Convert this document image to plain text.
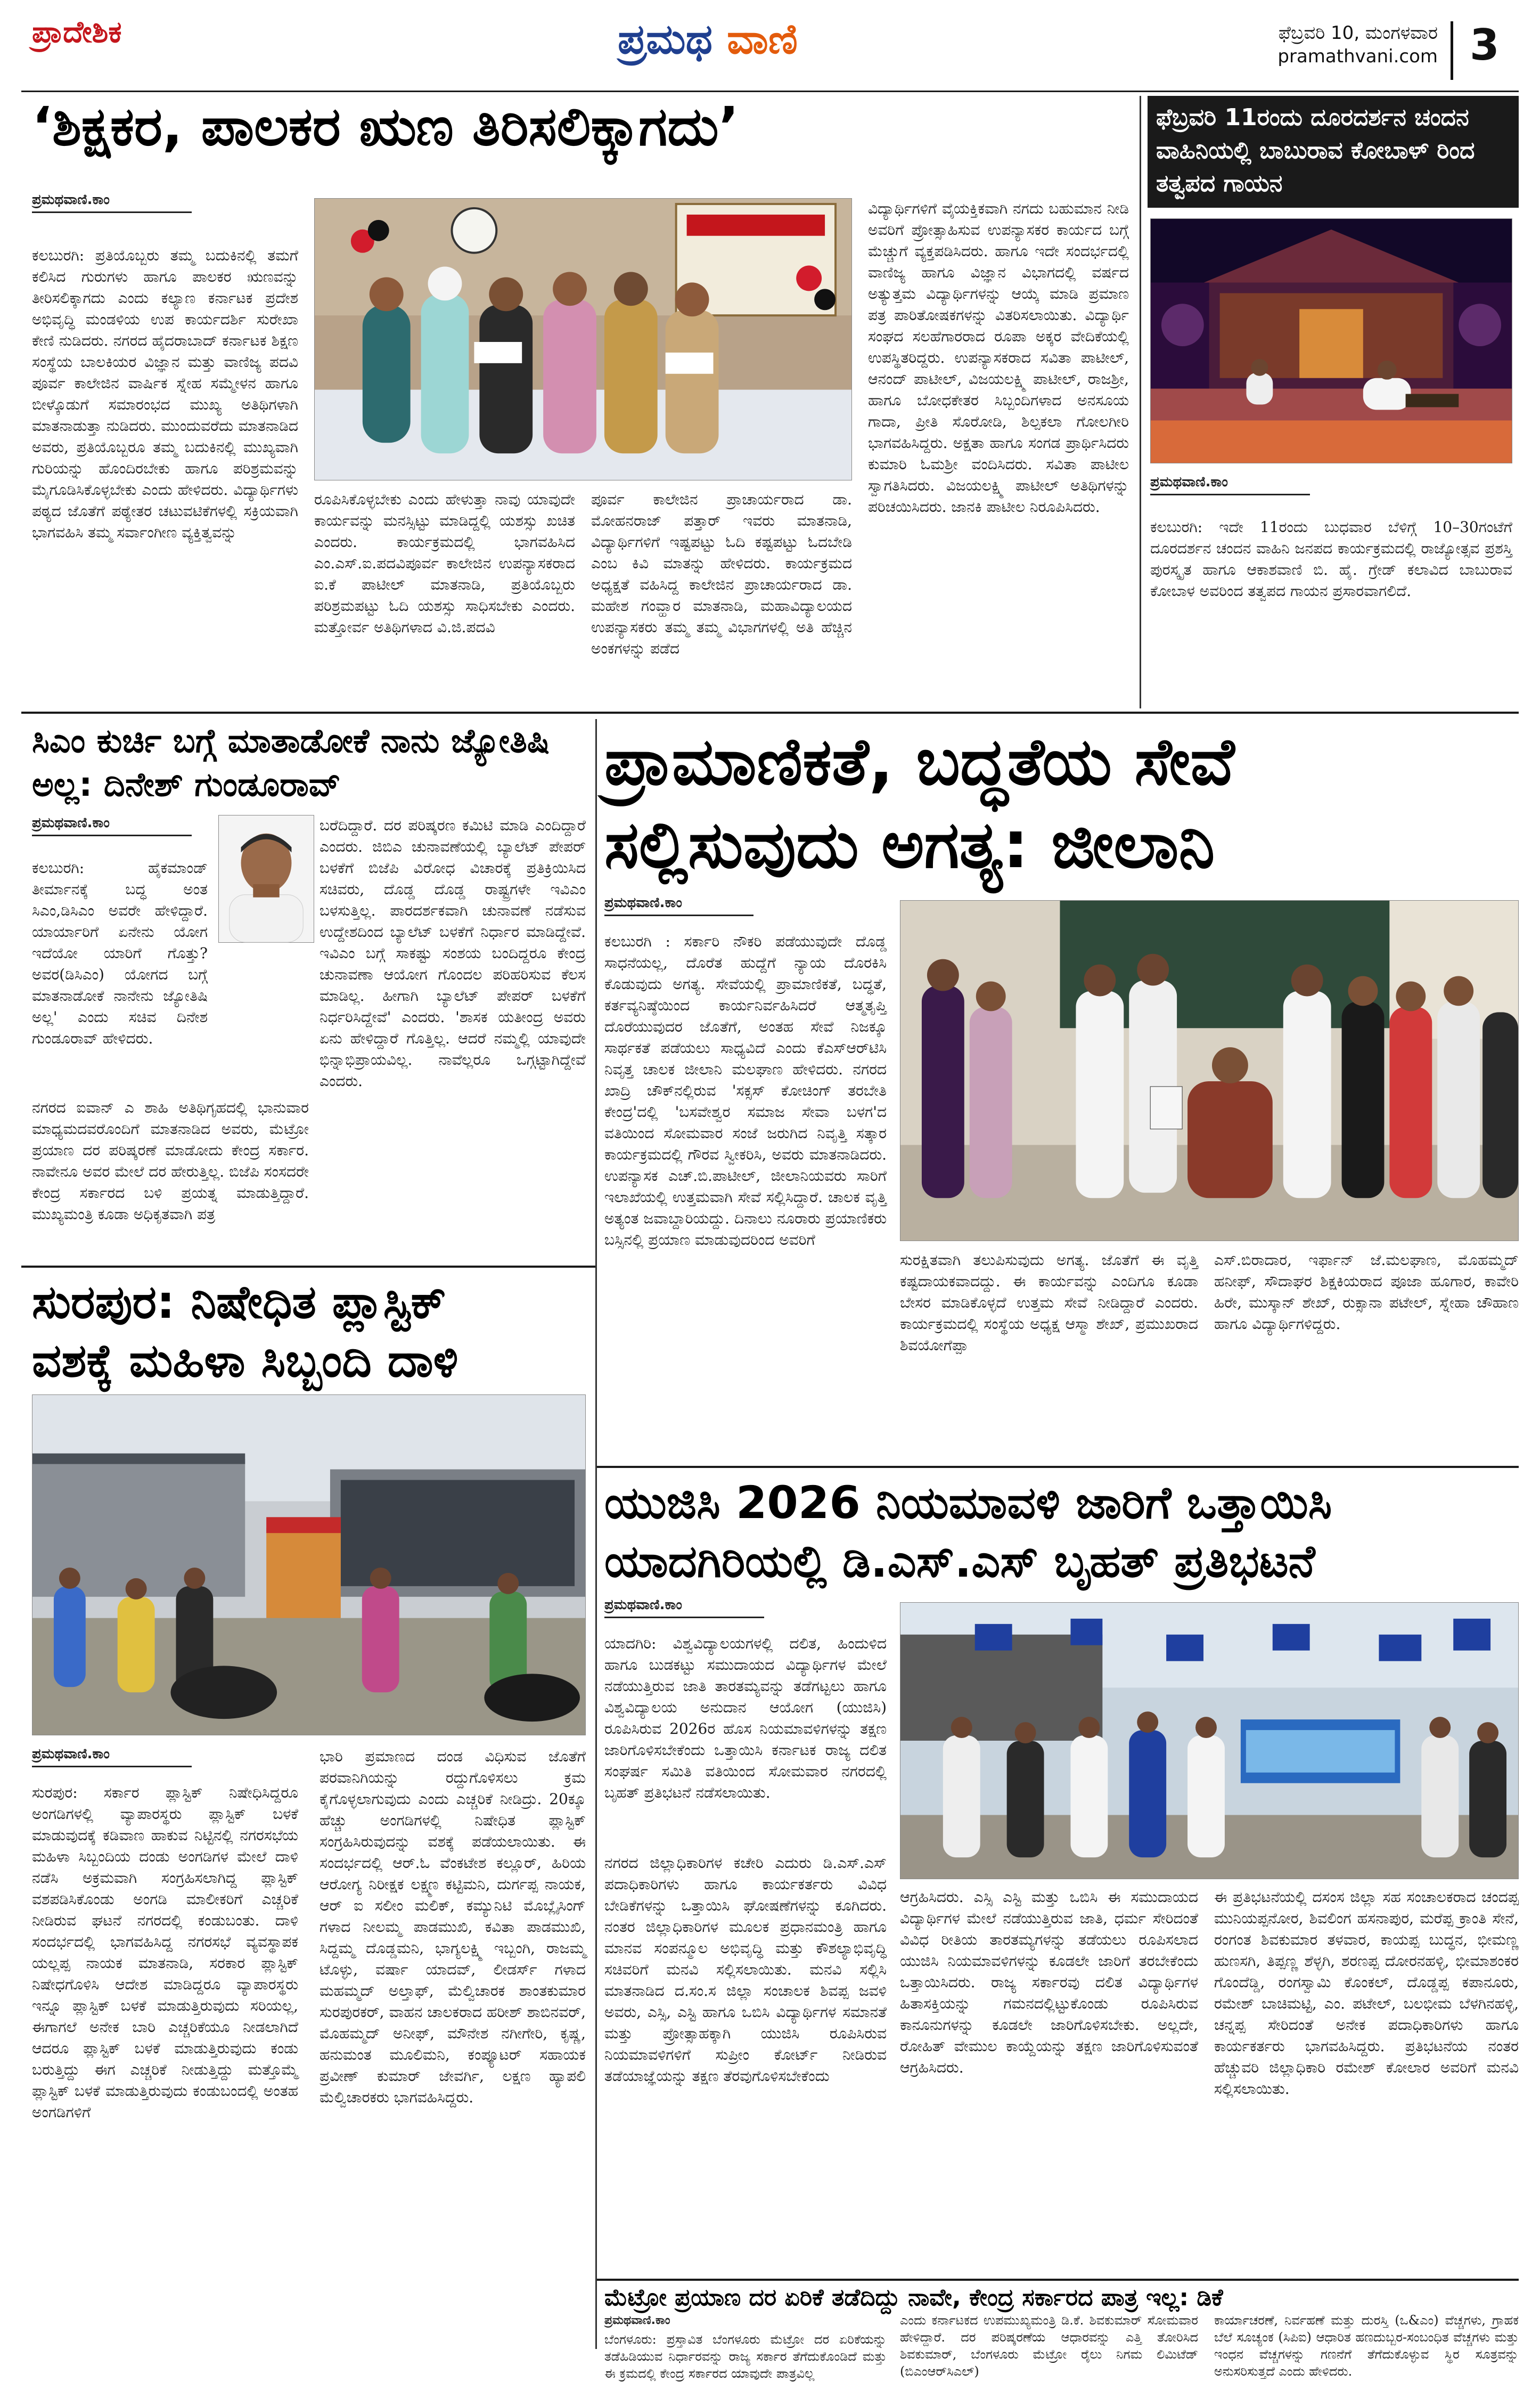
ಪ್ರಾದೇಶಿಕ	ಪ್ರಮಥ ವಾಣಿ	ಫೆಬ್ರವರಿ 10, ಮಂಗಳವಾರ
pramathvani.com 3
‘ಶಿಕ್ಷಕರ, ಪಾಲಕರ ಋಣ ತಿರಿಸಲಿಕ್ಕಾಗದು’
ಪ್ರಮಥವಾಣಿ.ಕಾಂ
ಕಲಬುರಗಿ: ಪ್ರತಿಯೊಬ್ಬರು ತಮ್ಮ ಬದುಕಿನಲ್ಲಿ ತಮಗೆ ಕಲಿಸಿದ ಗುರುಗಳು ಹಾಗೂ ಪಾಲಕರ ಋಣವನ್ನು ತೀರಿಸಲಿಕ್ಕಾಗದು ಎಂದು ಕಲ್ಯಾಣ ಕರ್ನಾಟಕ ಪ್ರದೇಶ ಅಭಿವೃದ್ಧಿ ಮಂಡಳಿಯ ಉಪ ಕಾರ್ಯದರ್ಶಿ ಸುರೇಖಾ ಕೇಣಿ ನುಡಿದರು. ನಗರದ ಹೈದರಾಬಾದ್ ಕರ್ನಾಟಕ ಶಿಕ್ಷಣ ಸಂಸ್ಥೆಯ ಬಾಲಕಿಯರ ವಿಜ್ಞಾನ ಮತ್ತು ವಾಣಿಜ್ಯ ಪದವಿ ಪೂರ್ವ ಕಾಲೇಜಿನ ವಾರ್ಷಿಕ ಸ್ನೇಹ ಸಮ್ಮೇಳನ ಹಾಗೂ ಬೀಳ್ಕೊಡುಗೆ ಸಮಾರಂಭದ ಮುಖ್ಯ ಅತಿಥಿಗಳಾಗಿ ಮಾತನಾಡುತ್ತಾ ನುಡಿದರು. ಮುಂದುವರೆದು ಮಾತನಾಡಿದ ಅವರು, ಪ್ರತಿಯೊಬ್ಬರೂ ತಮ್ಮ ಬದುಕಿನಲ್ಲಿ ಮುಖ್ಯವಾಗಿ ಗುರಿಯನ್ನು ಹೊಂದಿರಬೇಕು ಹಾಗೂ ಪರಿಶ್ರಮವನ್ನು ಮೈಗೂಡಿಸಿಕೊಳ್ಳಬೇಕು ಎಂದು ಹೇಳಿದರು. ವಿದ್ಯಾರ್ಥಿಗಳು ಪಠ್ಯದ ಜೊತೆಗೆ ಪಠ್ಯೇತರ ಚಟುವಟಿಕೆಗಳಲ್ಲಿ ಸಕ್ರಿಯವಾಗಿ ಭಾಗವಹಿಸಿ ತಮ್ಮ ಸರ್ವಾಂಗೀಣ ವ್ಯಕ್ತಿತ್ವವನ್ನು
ರೂಪಿಸಿಕೊಳ್ಳಬೇಕು ಎಂದು ಹೇಳುತ್ತಾ ನಾವು ಯಾವುದೇ ಕಾರ್ಯವನ್ನು ಮನಸ್ಸಿಟ್ಟು ಮಾಡಿದ್ದಲ್ಲಿ ಯಶಸ್ಸು ಖಚಿತ ಎಂದರು. ಕಾರ್ಯಕ್ರಮದಲ್ಲಿ ಭಾಗವಹಿಸಿದ ಎಂ.ಎಸ್.ಐ.ಪದವಿಪೂರ್ವ ಕಾಲೇಜಿನ ಉಪನ್ಯಾಸಕರಾದ ಐ.ಕೆ ಪಾಟೀಲ್ ಮಾತನಾಡಿ, ಪ್ರತಿಯೊಬ್ಬರು ಪರಿಶ್ರಮಪಟ್ಟು ಓದಿ ಯಶಸ್ಸು ಸಾಧಿಸಬೇಕು ಎಂದರು. ಮತ್ತೋರ್ವ ಅತಿಥಿಗಳಾದ ವಿ.ಜಿ.ಪದವಿ
ಪೂರ್ವ ಕಾಲೇಜಿನ ಪ್ರಾಚಾರ್ಯರಾದ ಡಾ. ಮೋಹನರಾಜ್ ಪತ್ತಾರ್ ಇವರು ಮಾತನಾಡಿ, ವಿದ್ಯಾರ್ಥಿಗಳಿಗೆ ಇಷ್ಟಪಟ್ಟು ಓದಿ ಕಷ್ಟಪಟ್ಟು ಓದಬೇಡಿ ಎಂಬ ಕಿವಿ ಮಾತನ್ನು ಹೇಳಿದರು. ಕಾರ್ಯಕ್ರಮದ ಅಧ್ಯಕ್ಷತೆ ವಹಿಸಿದ್ದ ಕಾಲೇಜಿನ ಪ್ರಾಚಾರ್ಯರಾದ ಡಾ. ಮಹೇಶ ಗಂವ್ಹಾರ ಮಾತನಾಡಿ, ಮಹಾವಿದ್ಯಾಲಯದ ಉಪನ್ಯಾಸಕರು ತಮ್ಮ ತಮ್ಮ ವಿಭಾಗಗಳಲ್ಲಿ ಅತಿ ಹೆಚ್ಚಿನ ಅಂಕಗಳನ್ನು ಪಡೆದ
ವಿದ್ಯಾರ್ಥಿಗಳಿಗೆ ವೈಯಕ್ತಿಕವಾಗಿ ನಗದು ಬಹುಮಾನ ನೀಡಿ ಅವರಿಗೆ ಪ್ರೋತ್ಸಾಹಿಸುವ ಉಪನ್ಯಾಸಕರ ಕಾರ್ಯದ ಬಗ್ಗೆ ಮೆಚ್ಚುಗೆ ವ್ಯಕ್ತಪಡಿಸಿದರು. ಹಾಗೂ ಇದೇ ಸಂದರ್ಭದಲ್ಲಿ ವಾಣಿಜ್ಯ ಹಾಗೂ ವಿಜ್ಞಾನ ವಿಭಾಗದಲ್ಲಿ ವರ್ಷದ ಅತ್ಯುತ್ತಮ ವಿದ್ಯಾರ್ಥಿಗಳನ್ನು ಆಯ್ಕೆ ಮಾಡಿ ಪ್ರಮಾಣ ಪತ್ರ ಪಾರಿತೋಷಕಗಳನ್ನು ವಿತರಿಸಲಾಯಿತು. ವಿದ್ಯಾರ್ಥಿ ಸಂಘದ ಸಲಹೆಗಾರರಾದ ರೂಪಾ ಅಕ್ಕರ ವೇದಿಕೆಯಲ್ಲಿ ಉಪಸ್ಥಿತರಿದ್ದರು. ಉಪನ್ಯಾಸಕರಾದ ಸವಿತಾ ಪಾಟೀಲ್, ಆನಂದ್ ಪಾಟೀಲ್, ವಿಜಯಲಕ್ಷ್ಮಿ ಪಾಟೀಲ್, ರಾಜಶ್ರೀ, ಹಾಗೂ ಬೋಧಕೇತರ ಸಿಬ್ಬಂದಿಗಳಾದ ಅನಸೂಯ ಗಾದಾ, ಪ್ರೀತಿ ಸೊರೋಡಿ, ಶಿಲ್ಪಕಲಾ ಗೋಲಗೀರಿ ಭಾಗವಹಿಸಿದ್ದರು. ಅಕ್ಷತಾ ಹಾಗೂ ಸಂಗಡ ಪ್ರಾರ್ಥಿಸಿದರು ಕುಮಾರಿ ಓಮಶ್ರೀ ವಂದಿಸಿದರು. ಸವಿತಾ ಪಾಟೀಲ ಸ್ವಾಗತಿಸಿದರು. ವಿಜಯಲಕ್ಷ್ಮಿ ಪಾಟೀಲ್ ಅತಿಥಿಗಳನ್ನು ಪರಿಚಯಿಸಿದರು. ಜಾನಕಿ ಪಾಟೀಲ ನಿರೂಪಿಸಿದರು.
ಫೆಬ್ರವರಿ 11ರಂದು ದೂರದರ್ಶನ ಚಂದನ ವಾಹಿನಿಯಲ್ಲಿ ಬಾಬುರಾವ ಕೋಬಾಳ್ ರಿಂದ ತತ್ವಪದ ಗಾಯನ
ಪ್ರಮಥವಾಣಿ.ಕಾಂ
ಕಲಬುರಗಿ: ಇದೇ 11ರಂದು ಬುಧವಾರ ಬೆಳಿಗ್ಗೆ 10–30ಗಂಟೆಗೆ ದೂರದರ್ಶನ ಚಂದನ ವಾಹಿನಿ ಜನಪದ ಕಾರ್ಯಕ್ರಮದಲ್ಲಿ ರಾಜ್ಯೋತ್ಸವ ಪ್ರಶಸ್ತಿ ಪುರಸ್ಕೃತ ಹಾಗೂ ಆಕಾಶವಾಣಿ ಬಿ. ಹೈ. ಗ್ರೇಡ್ ಕಲಾವಿದ ಬಾಬುರಾವ ಕೋಬಾಳ ಅವರಿಂದ ತತ್ವಪದ ಗಾಯನ ಪ್ರಸಾರವಾಗಲಿದೆ.
ಸಿಎಂ ಕುರ್ಚಿ ಬಗ್ಗೆ ಮಾತಾಡೋಕೆ ನಾನು ಜ್ಯೋತಿಷಿ ಅಲ್ಲ: ದಿನೇಶ್ ಗುಂಡೂರಾವ್
ಪ್ರಮಥವಾಣಿ.ಕಾಂ
ಕಲಬುರಗಿ: ಹೈಕಮಾಂಡ್ ತೀರ್ಮಾನಕ್ಕೆ ಬದ್ಧ ಅಂತ ಸಿಎಂ,ಡಿಸಿಎಂ ಅವರೇ ಹೇಳಿದ್ದಾರೆ. ಯಾರ್ಯಾರಿಗೆ ಏನೇನು ಯೋಗ ಇದೆಯೋ ಯಾರಿಗೆ ಗೊತ್ತು? ಅವರ(ಡಿಸಿಎಂ) ಯೋಗದ ಬಗ್ಗೆ ಮಾತನಾಡೋಕೆ ನಾನೇನು ಜ್ಯೋತಿಷಿ ಅಲ್ಲ' ಎಂದು ಸಚಿವ ದಿನೇಶ ಗುಂಡೂರಾವ್ ಹೇಳಿದರು.
ನಗರದ ಐವಾನ್ ಎ ಶಾಹಿ ಅತಿಥಿಗೃಹದಲ್ಲಿ ಭಾನುವಾರ ಮಾಧ್ಯಮದವರೊಂದಿಗೆ ಮಾತನಾಡಿದ ಅವರು, ಮೆಟ್ರೋ ಪ್ರಯಾಣ ದರ ಪರಿಷ್ಕರಣೆ ಮಾಡೋದು ಕೇಂದ್ರ ಸರ್ಕಾರ. ನಾವೇನೂ ಅವರ ಮೇಲೆ ದರ ಹೇರುತ್ತಿಲ್ಲ. ಬಿಜೆಪಿ ಸಂಸದರೇ ಕೇಂದ್ರ ಸರ್ಕಾರದ ಬಳಿ ಪ್ರಯತ್ನ ಮಾಡುತ್ತಿದ್ದಾರೆ. ಮುಖ್ಯಮಂತ್ರಿ ಕೂಡಾ ಅಧಿಕೃತವಾಗಿ ಪತ್ರ
ಬರೆದಿದ್ದಾರೆ. ದರ ಪರಿಷ್ಕರಣ ಕಮಿಟಿ ಮಾಡಿ ಎಂದಿದ್ದಾರೆ ಎಂದರು. ಜಿಬಿಎ ಚುನಾವಣೆಯಲ್ಲಿ ಬ್ಯಾಲೆಟ್ ಪೇಪರ್ ಬಳಕೆಗೆ ಬಿಜೆಪಿ ವಿರೋಧ ವಿಚಾರಕ್ಕೆ ಪ್ರತಿಕ್ರಿಯಿಸಿದ ಸಚಿವರು, ದೊಡ್ಡ ದೊಡ್ಡ ರಾಷ್ಟ್ರಗಳೇ ಇವಿಎಂ ಬಳಸುತ್ತಿಲ್ಲ. ಪಾರದರ್ಶಕವಾಗಿ ಚುನಾವಣೆ ನಡೆಸುವ ಉದ್ದೇಶದಿಂದ ಬ್ಯಾಲೆಟ್ ಬಳಕೆಗೆ ನಿರ್ಧಾರ ಮಾಡಿದ್ದೇವೆ. ಇವಿಎಂ ಬಗ್ಗೆ ಸಾಕಷ್ಟು ಸಂಶಯ ಬಂದಿದ್ದರೂ ಕೇಂದ್ರ ಚುನಾವಣಾ ಆಯೋಗ ಗೊಂದಲ ಪರಿಹರಿಸುವ ಕೆಲಸ ಮಾಡಿಲ್ಲ. ಹೀಗಾಗಿ ಬ್ಯಾಲೆಟ್ ಪೇಪರ್ ಬಳಕೆಗೆ ನಿರ್ಧರಿಸಿದ್ದೇವೆ' ಎಂದರು. 'ಶಾಸಕ ಯತೀಂದ್ರ ಅವರು ಏನು ಹೇಳಿದ್ದಾರೆ ಗೊತ್ತಿಲ್ಲ. ಆದರೆ ನಮ್ಮಲ್ಲಿ ಯಾವುದೇ ಭಿನ್ನಾಭಿಪ್ರಾಯವಿಲ್ಲ. ನಾವೆಲ್ಲರೂ ಒಗ್ಗಟ್ಟಾಗಿದ್ದೇವೆ ಎಂದರು.
ಪ್ರಾಮಾಣಿಕತೆ, ಬದ್ಧತೆಯ ಸೇವೆ
ಸಲ್ಲಿಸುವುದು ಅಗತ್ಯ: ಜೀಲಾನಿ
ಪ್ರಮಥವಾಣಿ.ಕಾಂ
ಕಲಬುರಗಿ : ಸರ್ಕಾರಿ ನೌಕರಿ ಪಡೆಯುವುದೇ ದೊಡ್ಡ ಸಾಧನೆಯಲ್ಲ, ದೊರೆತ ಹುದ್ದೆಗೆ ನ್ಯಾಯ ದೊರಕಿಸಿ ಕೊಡುವುದು ಅಗತ್ಯ. ಸೇವೆಯಲ್ಲಿ ಪ್ರಾಮಾಣಿಕತೆ, ಬದ್ಧತೆ, ಕರ್ತವ್ಯನಿಷ್ಠೆಯಿಂದ ಕಾರ್ಯನಿರ್ವಹಿಸಿದರೆ ಆತ್ಮತೃಪ್ತಿ ದೊರೆಯುವುದರ ಜೊತೆಗೆ, ಅಂತಹ ಸೇವೆ ನಿಜಕ್ಕೂ ಸಾರ್ಥಕತೆ ಪಡೆಯಲು ಸಾಧ್ಯವಿದೆ ಎಂದು ಕೆಎಸ್‌ಆರ್‌ಟಿಸಿ ನಿವೃತ್ತ ಚಾಲಕ ಜೀಲಾನಿ ಮಲಘಾಣ ಹೇಳಿದರು. ನಗರದ ಖಾದ್ರಿ ಚೌಕ್‌ನಲ್ಲಿರುವ 'ಸಕ್ಸಸ್ ಕೋಚಿಂಗ್ ತರಬೇತಿ ಕೇಂದ್ರ'ದಲ್ಲಿ 'ಬಸವೇಶ್ವರ ಸಮಾಜ ಸೇವಾ ಬಳಗ'ದ ವತಿಯಿಂದ ಸೋಮವಾರ ಸಂಜೆ ಜರುಗಿದ ನಿವೃತ್ತಿ ಸತ್ಕಾರ ಕಾರ್ಯಕ್ರಮದಲ್ಲಿ ಗೌರವ ಸ್ವೀಕರಿಸಿ, ಅವರು ಮಾತನಾಡಿದರು. ಉಪನ್ಯಾಸಕ ಎಚ್.ಬಿ.ಪಾಟೀಲ್, ಜೀಲಾನಿಯವರು ಸಾರಿಗೆ ಇಲಾಖೆಯಲ್ಲಿ ಉತ್ತಮವಾಗಿ ಸೇವೆ ಸಲ್ಲಿಸಿದ್ದಾರೆ. ಚಾಲಕ ವೃತ್ತಿ ಅತ್ಯಂತ ಜವಾಬ್ದಾರಿಯದ್ದು. ದಿನಾಲು ನೂರಾರು ಪ್ರಯಾಣಿಕರು ಬಸ್ಸಿನಲ್ಲಿ ಪ್ರಯಾಣ ಮಾಡುವುದರಿಂದ ಅವರಿಗೆ
ಸುರಕ್ಷಿತವಾಗಿ ತಲುಪಿಸುವುದು ಅಗತ್ಯ. ಜೊತೆಗೆ ಈ ವೃತ್ತಿ ಕಷ್ಟದಾಯಕವಾದದ್ದು. ಈ ಕಾರ್ಯವನ್ನು ಎಂದಿಗೂ ಕೂಡಾ ಬೇಸರ ಮಾಡಿಕೊಳ್ಳದೆ ಉತ್ತಮ ಸೇವೆ ನೀಡಿದ್ದಾರೆ ಎಂದರು. ಕಾರ್ಯಕ್ರಮದಲ್ಲಿ ಸಂಸ್ಥೆಯ ಅಧ್ಯಕ್ಷ ಆಸ್ಮಾ ಶೇಖ್, ಪ್ರಮುಖರಾದ ಶಿವಯೋಗೆಪ್ಪಾ
ಎಸ್.ಬಿರಾದಾರ, ಇರ್ಫಾನ್ ಜೆ.ಮಲಘಾಣ, ಮೊಹಮ್ಮದ್ ಹನೀಫ್, ಸೌದಾಘರ ಶಿಕ್ಷಕಿಯರಾದ ಪೂಜಾ ಹೂಗಾರ, ಕಾವೇರಿ ಹಿರೇ, ಮುಸ್ಕಾನ್ ಶೇಖ್, ರುಕ್ಸಾನಾ ಪಟೇಲ್, ಸ್ನೇಹಾ ಚೌಹಾಣ ಹಾಗೂ ವಿದ್ಯಾರ್ಥಿಗಳಿದ್ದರು.
ಸುರಪುರ: ನಿಷೇಧಿತ ಪ್ಲಾಸ್ಟಿಕ್
ವಶಕ್ಕೆ ಮಹಿಳಾ ಸಿಬ್ಬಂದಿ ದಾಳಿ
ಪ್ರಮಥವಾಣಿ.ಕಾಂ
ಸುರಪುರ: ಸರ್ಕಾರ ಪ್ಲಾಸ್ಟಿಕ್ ನಿಷೇಧಿಸಿದ್ದರೂ ಅಂಗಡಿಗಳಲ್ಲಿ ವ್ಯಾಪಾರಸ್ಥರು ಪ್ಲಾಸ್ಟಿಕ್ ಬಳಕೆ ಮಾಡುವುದಕ್ಕೆ ಕಡಿವಾಣ ಹಾಕುವ ನಿಟ್ಟಿನಲ್ಲಿ ನಗರಸಭೆಯ ಮಹಿಳಾ ಸಿಬ್ಬಂದಿಯ ದಂಡು ಅಂಗಡಿಗಳ ಮೇಲೆ ದಾಳಿ ನಡೆಸಿ ಅಕ್ರಮವಾಗಿ ಸಂಗ್ರಹಿಸಲಾಗಿದ್ದ ಪ್ಲಾಸ್ಟಿಕ್ ವಶಪಡಿಸಿಕೊಂಡು ಅಂಗಡಿ ಮಾಲೀಕರಿಗೆ ಎಚ್ಚರಿಕೆ ನೀಡಿರುವ ಘಟನೆ ನಗರದಲ್ಲಿ ಕಂಡುಬಂತು. ದಾಳಿ ಸಂದರ್ಭದಲ್ಲಿ ಭಾಗವಹಿಸಿದ್ದ ನಗರಸಭೆ ವ್ಯವಸ್ಥಾಪಕ ಯಲ್ಲಪ್ಪ ನಾಯಕ ಮಾತನಾಡಿ, ಸರಕಾರ ಪ್ಲಾಸ್ಟಿಕ್ ನಿಷೇಧಗೊಳಿಸಿ ಆದೇಶ ಮಾಡಿದ್ದರೂ ವ್ಯಾಪಾರಸ್ಥರು ಇನ್ನೂ ಪ್ಲಾಸ್ಟಿಕ್ ಬಳಕೆ ಮಾಡುತ್ತಿರುವುದು ಸರಿಯಲ್ಲ, ಈಗಾಗಲೆ ಅನೇಕ ಬಾರಿ ಎಚ್ಚರಿಕೆಯೂ ನೀಡಲಾಗಿದೆ ಆದರೂ ಪ್ಲಾಸ್ಟಿಕ್ ಬಳಕೆ ಮಾಡುತ್ತಿರುವುದು ಕಂಡು ಬರುತ್ತಿದ್ದು ಈಗ ಎಚ್ಚರಿಕೆ ನೀಡುತ್ತಿದ್ದು ಮತ್ತೊಮ್ಮೆ ಪ್ಲಾಸ್ಟಿಕ್ ಬಳಕೆ ಮಾಡುತ್ತಿರುವುದು ಕಂಡುಬಂದಲ್ಲಿ ಅಂತಹ ಅಂಗಡಿಗಳಿಗೆ
ಭಾರಿ ಪ್ರಮಾಣದ ದಂಡ ವಿಧಿಸುವ ಜೊತೆಗೆ ಪರವಾನಿಗಿಯನ್ನು ರದ್ದುಗೊಳಿಸಲು ಕ್ರಮ ಕೈಗೊಳ್ಳಲಾಗುವುದು ಎಂದು ಎಚ್ಚರಿಕೆ ನೀಡಿದ್ರು. 20ಕ್ಕೂ ಹೆಚ್ಚು ಅಂಗಡಿಗಳಲ್ಲಿ ನಿಷೇಧಿತ ಪ್ಲಾಸ್ಟಿಕ್ ಸಂಗ್ರಹಿಸಿರುವುದನ್ನು ವಶಕ್ಕೆ ಪಡೆಯಲಾಯಿತು. ಈ ಸಂದರ್ಭದಲ್ಲಿ ಆರ್.ಓ ವೆಂಕಟೇಶ ಕಲ್ಲೂರ್, ಹಿರಿಯ ಆರೋಗ್ಯ ನಿರೀಕ್ಷಕ ಲಕ್ಷ್ಮಣ ಕಟ್ಟಿಮನಿ, ದುರ್ಗಪ್ಪ ನಾಯಕ, ಆರ್ ಐ ಸಲೀಂ ಮಲಿಕ್, ಕಮ್ಯುನಿಟಿ ಮೊಬ್ಲೈಸಿಂಗ್ ಗಳಾದ ನೀಲಮ್ಮ ಪಾಡಮುಖಿ, ಕವಿತಾ ಪಾಡಮುಖಿ, ಸಿದ್ದಮ್ಮ ದೊಡ್ಡಮನಿ, ಭಾಗ್ಯಲಕ್ಷ್ಮಿ ಇಬ್ಬಂಗಿ, ರಾಜಮ್ಮ ಟೊಳ್ಳು, ವರ್ಷಾ ಯಾದವ್, ಲೀಡರ್ಸ್ ಗಳಾದ ಮಹಮ್ಮದ್ ಅಲ್ತಾಫ್, ಮೆಲ್ವಿಚಾರಕ ಶಾಂತಕುಮಾರ ಸುರಪುರಕರ್, ವಾಹನ ಚಾಲಕರಾದ ಹರೀಶ್ ಶಾಬಿನವರ್, ಮೊಹಮ್ಮದ್ ಅನೀಫ್, ಮೌನೇಶ ನಗೀಗೇರಿ, ಕೃಷ್ಣ, ಹನುಮಂತ ಮೂಲಿಮನಿ, ಕಂಪ್ಯೂಟರ್ ಸಹಾಯಕ ಪ್ರವೀಣ್ ಕುಮಾರ್ ಜೇವರ್ಗಿ, ಲಕ್ಷಣ ಹ್ಯಾಪಲಿ ಮೆಲ್ವಿಚಾರಕರು ಭಾಗವಹಿಸಿದ್ದರು.
ಯುಜಿಸಿ 2026 ನಿಯಮಾವಳಿ ಜಾರಿಗೆ ಒತ್ತಾಯಿಸಿ
ಯಾದಗಿರಿಯಲ್ಲಿ ಡಿ.ಎಸ್.ಎಸ್ ಬೃಹತ್ ಪ್ರತಿಭಟನೆ
ಪ್ರಮಥವಾಣಿ.ಕಾಂ
ಯಾದಗಿರಿ: ವಿಶ್ವವಿದ್ಯಾಲಯಗಳಲ್ಲಿ ದಲಿತ, ಹಿಂದುಳಿದ ಹಾಗೂ ಬುಡಕಟ್ಟು ಸಮುದಾಯದ ವಿದ್ಯಾರ್ಥಿಗಳ ಮೇಲೆ ನಡೆಯುತ್ತಿರುವ ಜಾತಿ ತಾರತಮ್ಯವನ್ನು ತಡೆಗಟ್ಟಲು ಹಾಗೂ ವಿಶ್ವವಿದ್ಯಾಲಯ ಅನುದಾನ ಆಯೋಗ (ಯುಜಿಸಿ) ರೂಪಿಸಿರುವ 2026ರ ಹೊಸ ನಿಯಮಾವಳಿಗಳನ್ನು ತಕ್ಷಣ ಜಾರಿಗೊಳಿಸಬೇಕೆಂದು ಒತ್ತಾಯಿಸಿ ಕರ್ನಾಟಕ ರಾಜ್ಯ ದಲಿತ ಸಂಘರ್ಷ ಸಮಿತಿ ವತಿಯಿಂದ ಸೋಮವಾರ ನಗರದಲ್ಲಿ ಬೃಹತ್ ಪ್ರತಿಭಟನೆ ನಡೆಸಲಾಯಿತು.
ನಗರದ ಜಿಲ್ಲಾಧಿಕಾರಿಗಳ ಕಚೇರಿ ಎದುರು ಡಿ.ಎಸ್.ಎಸ್ ಪದಾಧಿಕಾರಿಗಳು ಹಾಗೂ ಕಾರ್ಯಕರ್ತರು ವಿವಿಧ ಬೇಡಿಕೆಗಳನ್ನು ಒತ್ತಾಯಿಸಿ ಘೋಷಣೆಗಳನ್ನು ಕೂಗಿದರು. ನಂತರ ಜಿಲ್ಲಾಧಿಕಾರಿಗಳ ಮೂಲಕ ಪ್ರಧಾನಮಂತ್ರಿ ಹಾಗೂ ಮಾನವ ಸಂಪನ್ಮೂಲ ಅಭಿವೃದ್ಧಿ ಮತ್ತು ಕೌಶಲ್ಯಾಭಿವೃದ್ಧಿ ಸಚಿವರಿಗೆ ಮನವಿ ಸಲ್ಲಿಸಲಾಯಿತು. ಮನವಿ ಸಲ್ಲಿಸಿ ಮಾತನಾಡಿದ ದ.ಸಂ.ಸ ಜಿಲ್ಲಾ ಸಂಚಾಲಕ ಶಿವಪ್ಪ ಜವಳಿ ಅವರು, ಎಸ್ಸಿ, ಎಸ್ಟಿ ಹಾಗೂ ಒಬಿಸಿ ವಿದ್ಯಾರ್ಥಿಗಳ ಸಮಾನತೆ ಮತ್ತು ಪ್ರೋತ್ಸಾಹಕ್ಕಾಗಿ ಯುಜಿಸಿ ರೂಪಿಸಿರುವ ನಿಯಮಾವಳಿಗಳಿಗೆ ಸುಪ್ರೀಂ ಕೋರ್ಟ್ ನೀಡಿರುವ ತಡೆಯಾಜ್ಞೆಯನ್ನು ತಕ್ಷಣ ತೆರವುಗೊಳಿಸಬೇಕೆಂದು
ಆಗ್ರಹಿಸಿದರು. ಎಸ್ಸಿ ಎಸ್ಟಿ ಮತ್ತು ಒಬಿಸಿ ಈ ಸಮುದಾಯದ ವಿದ್ಯಾರ್ಥಿಗಳ ಮೇಲೆ ನಡೆಯುತ್ತಿರುವ ಜಾತಿ, ಧರ್ಮ ಸೇರಿದಂತೆ ವಿವಿಧ ರೀತಿಯ ತಾರತಮ್ಯಗಳನ್ನು ತಡೆಯಲು ರೂಪಿಸಲಾದ ಯುಜಿಸಿ ನಿಯಮಾವಳಿಗಳನ್ನು ಕೂಡಲೇ ಜಾರಿಗೆ ತರಬೇಕೆಂದು ಒತ್ತಾಯಿಸಿದರು. ರಾಜ್ಯ ಸರ್ಕಾರವು ದಲಿತ ವಿದ್ಯಾರ್ಥಿಗಳ ಹಿತಾಸಕ್ತಿಯನ್ನು ಗಮನದಲ್ಲಿಟ್ಟುಕೊಂಡು ರೂಪಿಸಿರುವ ಕಾನೂನುಗಳನ್ನು ಕೂಡಲೇ ಜಾರಿಗೊಳಿಸಬೇಕು. ಅಲ್ಲದೇ, ರೋಹಿತ್ ವೇಮುಲ ಕಾಯ್ದೆಯನ್ನು ತಕ್ಷಣ ಜಾರಿಗೊಳಿಸುವಂತೆ ಆಗ್ರಹಿಸಿದರು.
ಈ ಪ್ರತಿಭಟನೆಯಲ್ಲಿ ದಸಂಸ ಜಿಲ್ಲಾ ಸಹ ಸಂಚಾಲಕರಾದ ಚಂದಪ್ಪ ಮುನಿಯಪ್ಪನೋರ, ಶಿವಲಿಂಗ ಹಸನಾಪುರ, ಮರೆಪ್ಪ ಕ್ರಾಂತಿ ಸೇನೆ, ರಂಗಂತ ಶಿವಕುಮಾರ ತಳವಾರ, ಕಾಯಪ್ಪ ಬುದ್ಧನ, ಭೀಮಣ್ಣ ಹುಣಸಗಿ, ತಿಪ್ಪಣ್ಣ ಶೆಳ್ಳಗಿ, ಶರಣಪ್ಪ ದೋರನಹಳ್ಳಿ, ಭೀಮಾಶಂಕರ ಗೊಂದೆಡ್ಡಿ, ರಂಗಸ್ವಾಮಿ ಕೊಂಕಲ್, ದೊಡ್ಡಪ್ಪ ಕಪಾನೂರು, ರಮೇಶ್ ಬಾಚಿಮಟ್ಟಿ, ಎಂ. ಪಟೇಲ್, ಬಲಭೀಮ ಬೆಳಗಿನಹಳ್ಳಿ, ಚನ್ನಪ್ಪ ಸೇರಿದಂತೆ ಅನೇಕ ಪದಾಧಿಕಾರಿಗಳು ಹಾಗೂ ಕಾರ್ಯಕರ್ತರು ಭಾಗವಹಿಸಿದ್ದರು. ಪ್ರತಿಭಟನೆಯ ನಂತರ ಹೆಚ್ಚುವರಿ ಜಿಲ್ಲಾಧಿಕಾರಿ ರಮೇಶ್ ಕೋಲಾರ ಅವರಿಗೆ ಮನವಿ ಸಲ್ಲಿಸಲಾಯಿತು.
ಮೆಟ್ರೋ ಪ್ರಯಾಣ ದರ ಏರಿಕೆ ತಡೆದಿದ್ದು ನಾವೇ, ಕೇಂದ್ರ ಸರ್ಕಾರದ ಪಾತ್ರ ಇಲ್ಲ: ಡಿಕೆ
ಪ್ರಮಥವಾಣಿ.ಕಾಂ
ಬೆಂಗಳೂರು: ಪ್ರಸ್ತಾವಿತ ಬೆಂಗಳೂರು ಮೆಟ್ರೋ ದರ ಏರಿಕೆಯನ್ನು ತಡೆಹಿಡಿಯುವ ನಿರ್ಧಾರವನ್ನು ರಾಜ್ಯ ಸರ್ಕಾರ ತೆಗೆದುಕೊಂಡಿದೆ ಮತ್ತು ಈ ಕ್ರಮದಲ್ಲಿ ಕೇಂದ್ರ ಸರ್ಕಾರದ ಯಾವುದೇ ಪಾತ್ರವಿಲ್ಲ
ಎಂದು ಕರ್ನಾಟಕದ ಉಪಮುಖ್ಯಮಂತ್ರಿ ಡಿ.ಕೆ. ಶಿವಕುಮಾರ್ ಸೋಮವಾರ ಹೇಳಿದ್ದಾರೆ. ದರ ಪರಿಷ್ಕರಣೆಯ ಆಧಾರವನ್ನು ಎತ್ತಿ ತೋರಿಸಿದ ಶಿವಕುಮಾರ್, ಬೆಂಗಳೂರು ಮೆಟ್ರೋ ರೈಲು ನಿಗಮ ಲಿಮಿಟೆಡ್ (ಬಿಎಂಆರ್‌ಸಿಎಲ್)
ಕಾರ್ಯಾಚರಣೆ, ನಿರ್ವಹಣೆ ಮತ್ತು ದುರಸ್ತಿ (ಒ&ಎಂ) ವೆಚ್ಚಗಳು, ಗ್ರಾಹಕ ಬೆಲೆ ಸೂಚ್ಯಂಕ (ಸಿಪಿಐ) ಆಧಾರಿತ ಹಣದುಬ್ಬರ-ಸಂಬಂಧಿತ ವೆಚ್ಚಗಳು ಮತ್ತು ಇಂಧನ ವೆಚ್ಚಗಳನ್ನು ಗಣನೆಗೆ ತೆಗೆದುಕೊಳ್ಳುವ ಸ್ಥಿರ ಸೂತ್ರವನ್ನು ಅನುಸರಿಸುತ್ತದೆ ಎಂದು ಹೇಳಿದರು.
